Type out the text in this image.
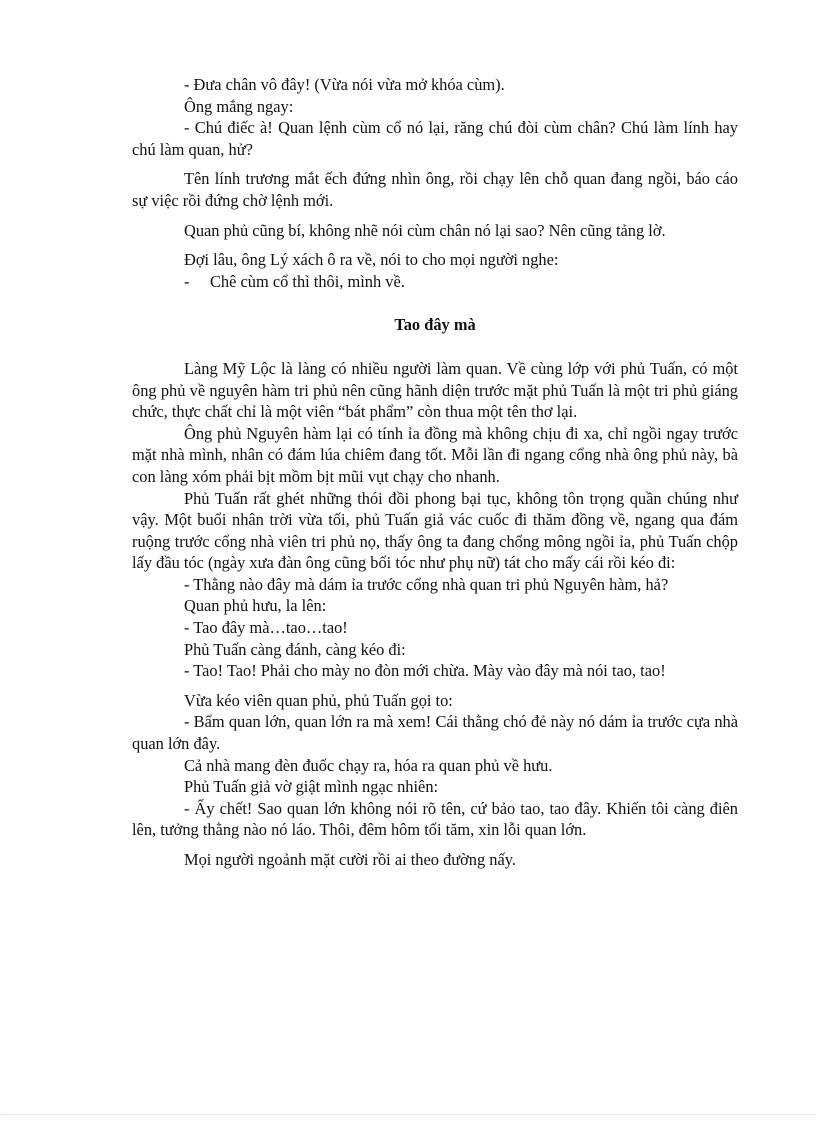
- Đưa chân vô đây! (Vừa nói vừa mở khóa cùm).

Ông mắng ngay:

- Chú điếc à! Quan lệnh cùm cổ nó lại, răng chú đòi cùm chân? Chú làm lính hay chú làm quan, hử?

Tên lính trương mắt ếch đứng nhìn ông, rồi chạy lên chỗ quan đang ngồi, báo cáo sự việc rồi đứng chờ lệnh mới.

Quan phủ cũng bí, không nhẽ nói cùm chân nó lại sao? Nên cũng tảng lờ.

Đợi lâu, ông Lý xách ô ra về, nói to cho mọi người nghe:

- Chê cùm cổ thì thôi, mình về.

Tao đây mà

Làng Mỹ Lộc là làng có nhiều người làm quan. Về cùng lớp với phủ Tuấn, có một ông phủ về nguyên hàm tri phủ nên cũng hãnh diện trước mặt phủ Tuấn là một tri phủ giáng chức, thực chất chỉ là một viên “bát phẩm” còn thua một tên thơ lại.

Ông phủ Nguyên hàm lại có tính ỉa đồng mà không chịu đi xa, chỉ ngồi ngay trước mặt nhà mình, nhân có đám lúa chiêm đang tốt. Mỗi lần đi ngang cổng nhà ông phủ này, bà con làng xóm phải bịt mồm bịt mũi vụt chạy cho nhanh.

Phủ Tuấn rất ghét những thói đồi phong bại tục, không tôn trọng quần chúng như vậy. Một buổi nhân trời vừa tối, phủ Tuấn giả vác cuốc đi thăm đồng về, ngang qua đám ruộng trước cổng nhà viên tri phủ nọ, thấy ông ta đang chổng mông ngồi ỉa, phủ Tuấn chộp lấy đầu tóc (ngày xưa đàn ông cũng bối tóc như phụ nữ) tát cho mấy cái rồi kéo đi:

- Thằng nào đây mà dám ỉa trước cổng nhà quan tri phủ Nguyên hàm, hả?

Quan phủ hưu, la lên:

- Tao đây mà…tao…tao!

Phủ Tuấn càng đánh, càng kéo đi:

- Tao! Tao! Phải cho mày no đòn mới chừa. Mày vào đây mà nói tao, tao!

Vừa kéo viên quan phủ, phủ Tuấn gọi to:

- Bẩm quan lớn, quan lớn ra mà xem! Cái thằng chó đẻ này nó dám ỉa trước cựa nhà quan lớn đây.

Cả nhà mang đèn đuốc chạy ra, hóa ra quan phủ về hưu.

Phủ Tuấn giả vờ giật mình ngạc nhiên:

- Ấy chết! Sao quan lớn không nói rõ tên, cứ bảo tao, tao đây. Khiến tôi càng điên lên, tưởng thằng nào nó láo. Thôi, đêm hôm tối tăm, xin lỗi quan lớn.

Mọi người ngoảnh mặt cười rồi ai theo đường nấy.
